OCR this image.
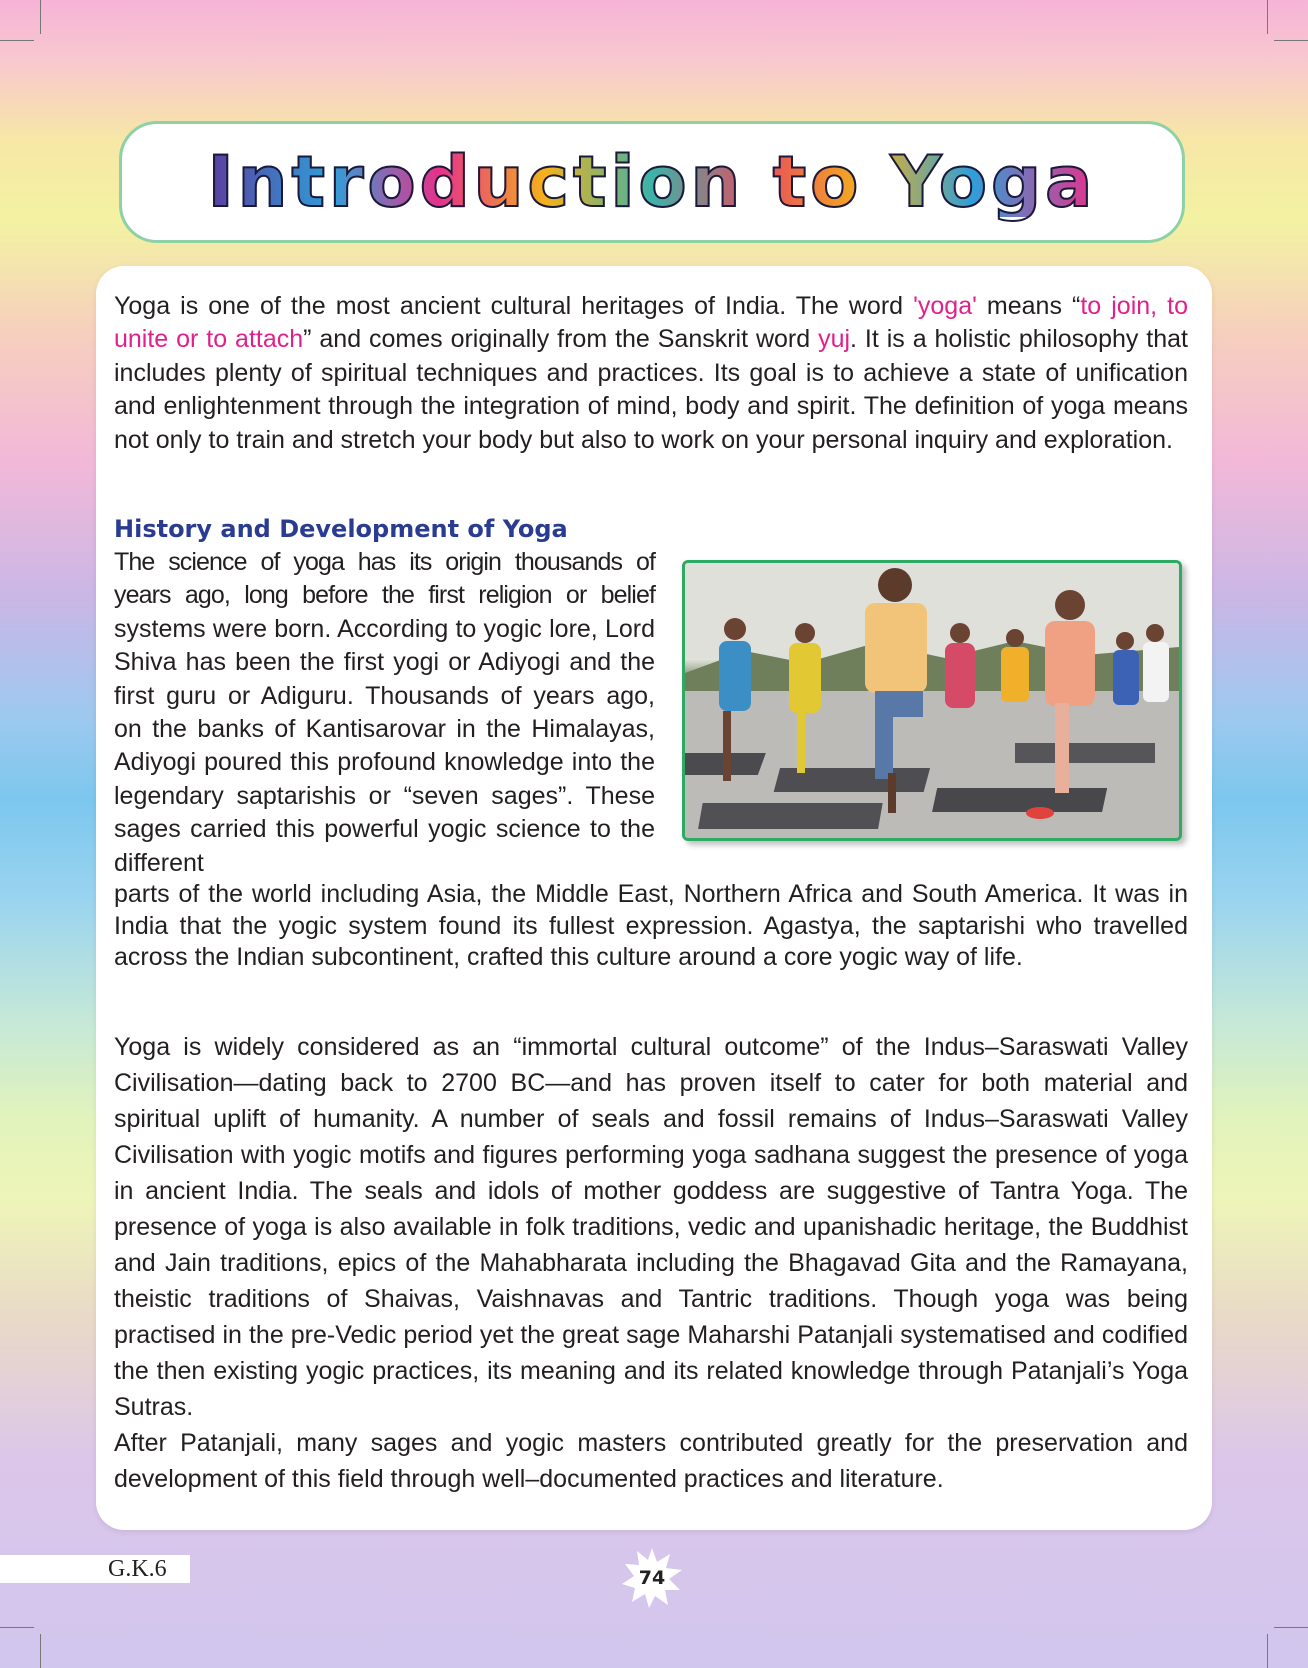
Introduction to Yoga

Yoga is one of the most ancient cultural heritages of India. The word 'yoga' means “to join, to unite or to attach” and comes originally from the Sanskrit word yuj. It is a holistic philosophy that includes plenty of spiritual techniques and practices. Its goal is to achieve a state of unification and enlightenment through the integration of mind, body and spirit. The definition of yoga means not only to train and stretch your body but also to work on your personal inquiry and exploration.

History and Development of Yoga

The science of yoga has its origin thousands of years ago, long before the first religion or belief systems were born. According to yogic lore, Lord Shiva has been the first yogi or Adiyogi and the first guru or Adiguru. Thousands of years ago, on the banks of Kantisarovar in the Himalayas, Adiyogi poured this profound knowledge into the legendary saptarishis or “seven sages”. These sages carried this powerful yogic science to the different

parts of the world including Asia, the Middle East, Northern Africa and South America. It was in India that the yogic system found its fullest expression. Agastya, the saptarishi who travelled across the Indian subcontinent, crafted this culture around a core yogic way of life.

Yoga is widely considered as an “immortal cultural outcome” of the Indus–Saraswati Valley Civilisation—dating back to 2700 BC—and has proven itself to cater for both material and spiritual uplift of humanity. A number of seals and fossil remains of Indus–Saraswati Valley Civilisation with yogic motifs and figures performing yoga sadhana suggest the presence of yoga in ancient India. The seals and idols of mother goddess are suggestive of Tantra Yoga. The presence of yoga is also available in folk traditions, vedic and upanishadic heritage, the Buddhist and Jain traditions, epics of the Mahabharata including the Bhagavad Gita and the Ramayana, theistic traditions of Shaivas, Vaishnavas and Tantric traditions. Though yoga was being practised in the pre-Vedic period yet the great sage Maharshi Patanjali systematised and codified the then existing yogic practices, its meaning and its related knowledge through Patanjali’s Yoga Sutras.
After Patanjali, many sages and yogic masters contributed greatly for the preservation and development of this field through well–documented practices and literature.

G.K.6	74
